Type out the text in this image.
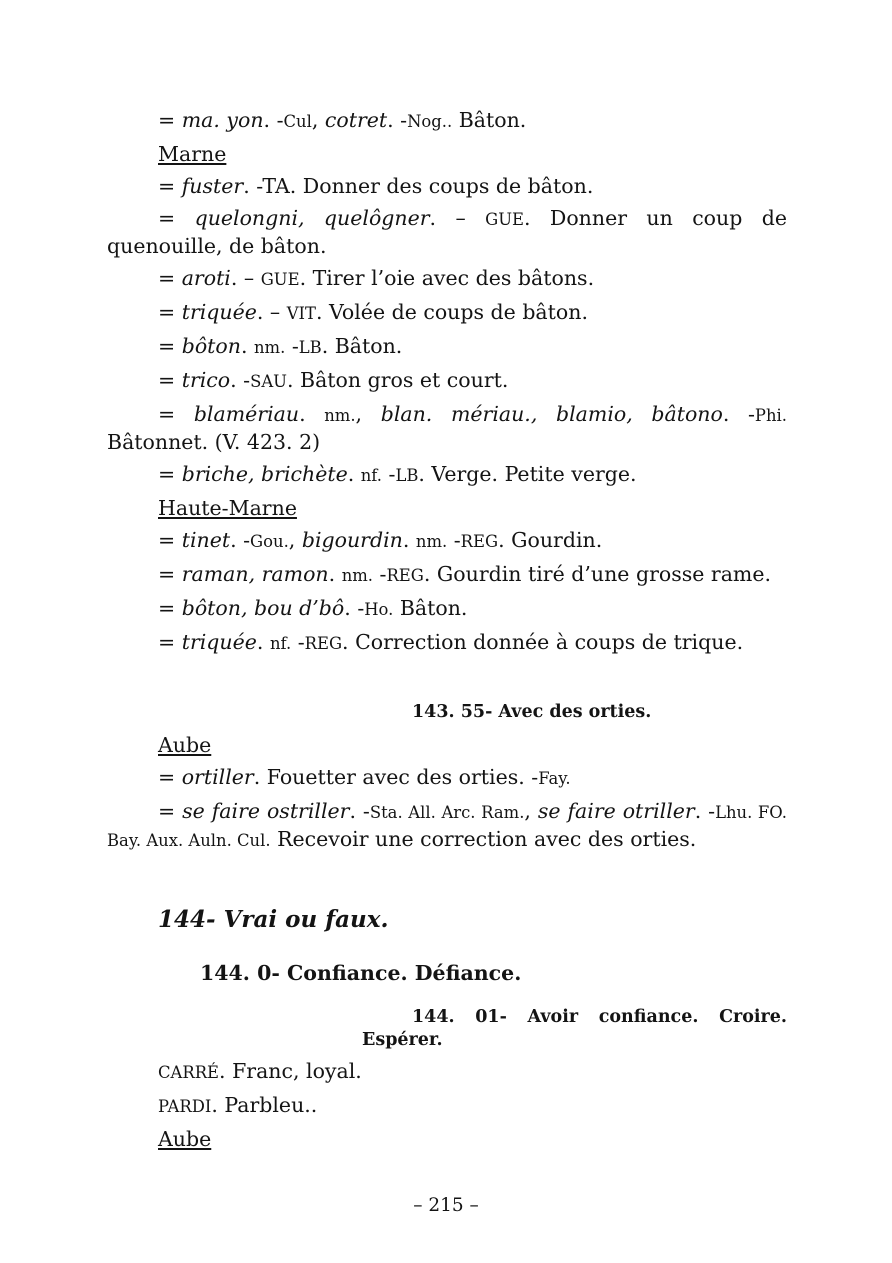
= ma. yon. -Cul, cotret. -Nog.. Bâton.

Marne

= fuster. -TA. Donner des coups de bâton.

= quelongni, quelôgner. – GUE. Donner un coup de quenouille, de bâton.

= aroti. – GUE. Tirer l’oie avec des bâtons.

= triquée. – VIT. Volée de coups de bâton.

= bôton. nm. -LB. Bâton.

= trico. -SAU. Bâton gros et court.

= blamériau. nm., blan. mériau., blamio, bâtono. -Phi. Bâtonnet. (V. 423. 2)

= briche, brichète. nf. -LB. Verge. Petite verge.

Haute-Marne

= tinet. -Gou., bigourdin. nm. -REG. Gourdin.

= raman, ramon. nm. -REG. Gourdin tiré d’une grosse rame.

= bôton, bou d’bô. -Ho. Bâton.

= triquée. nf. -REG. Correction donnée à coups de trique.

143. 55- Avec des orties.

Aube

= ortiller. Fouetter avec des orties. -Fay.

= se faire ostriller. -Sta. All. Arc. Ram., se faire otriller. -Lhu. FO. Bay. Aux. Auln. Cul. Recevoir une correction avec des orties.

144- Vrai ou faux.

144. 0- Confiance. Défiance.

144. 01- Avoir confiance. Croire. Espérer.

CARRÉ. Franc, loyal.

PARDI. Parbleu..

Aube

– 215 –
